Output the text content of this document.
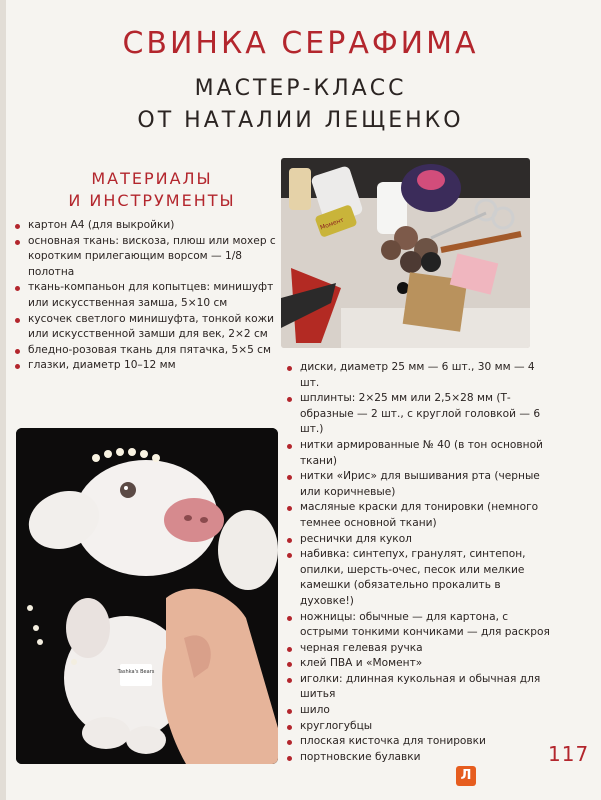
СВИНКА СЕРАФИМА
МАСТЕР-КЛАСС
ОТ НАТАЛИИ ЛЕЩЕНКО
МАТЕРИАЛЫ
И ИНСТРУМЕНТЫ
картон А4 (для выкройки)
основная ткань: вискоза, плюш или мохер с коротким прилегающим ворсом — 1/8 полотна
ткань-компаньон для копытцев: минишуфт или искусственная замша, 5×10 см
кусочек светлого минишуфта, тонкой кожи или искусственной замши для век, 2×2 см
бледно-розовая ткань для пятачка, 5×5 см
глазки, диаметр 10–12 мм
Момент
диски, диаметр 25 мм — 6 шт., 30 мм — 4 шт.
шплинты: 2×25 мм или 2,5×28 мм (Т-образные — 2 шт., с круглой головкой — 6 шт.)
нитки армированные № 40 (в тон основной ткани)
нитки «Ирис» для вышивания рта (черные или коричневые)
масляные краски для тонировки (немного темнее основной ткани)
реснички для кукол
набивка: синтепух, гранулят, синтепон, опилки, шерсть-очес, песок или мелкие камешки (обязательно прокалить в духовке!)
ножницы: обычные — для картона, с острыми тонкими кончиками — для раскроя
черная гелевая ручка
клей ПВА и «Момент»
иголки: длинная кукольная и обычная для шитья
шило
круглогубцы
плоская кисточка для тонировки
портновские булавки
Tashka's Bears
117
Л
